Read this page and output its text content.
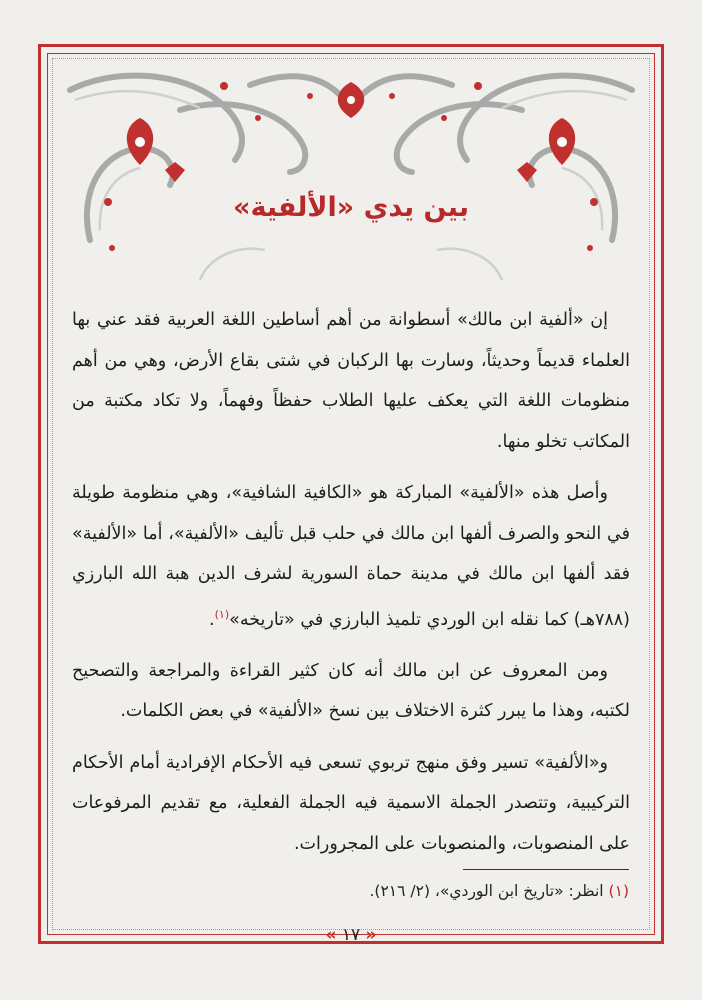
بين يدي «الألفية»

إن «ألفية ابن مالك» أسطوانة من أهم أساطين اللغة العربية فقد عني بها العلماء قديماً وحديثاً، وسارت بها الركبان في شتى بقاع الأرض، وهي من أهم منظومات اللغة التي يعكف عليها الطلاب حفظاً وفهماً، ولا تكاد مكتبة من المكاتب تخلو منها.

وأصل هذه «الألفية» المباركة هو «الكافية الشافية»، وهي منظومة طويلة في النحو والصرف ألفها ابن مالك في حلب قبل تأليف «الألفية»، أما «الألفية» فقد ألفها ابن مالك في مدينة حماة السورية لشرف الدين هبة الله البارزي (٧٨٨هـ) كما نقله ابن الوردي تلميذ البارزي في «تاريخه»$^{(١)}$.

ومن المعروف عن ابن مالك أنه كان كثير القراءة والمراجعة والتصحيح لكتبه، وهذا ما يبرر كثرة الاختلاف بين نسخ «الألفية» في بعض الكلمات.

و«الألفية» تسير وفق منهج تربوي تسعى فيه الأحكام الإفرادية أمام الأحكام التركيبية، وتتصدر الجملة الاسمية فيه الجملة الفعلية، مع تقديم المرفوعات على المنصوبات، والمنصوبات على المجرورات.

(١) انظر: «تاريخ ابن الوردي»، (٢/ ٢١٦).
« ١٧ »
